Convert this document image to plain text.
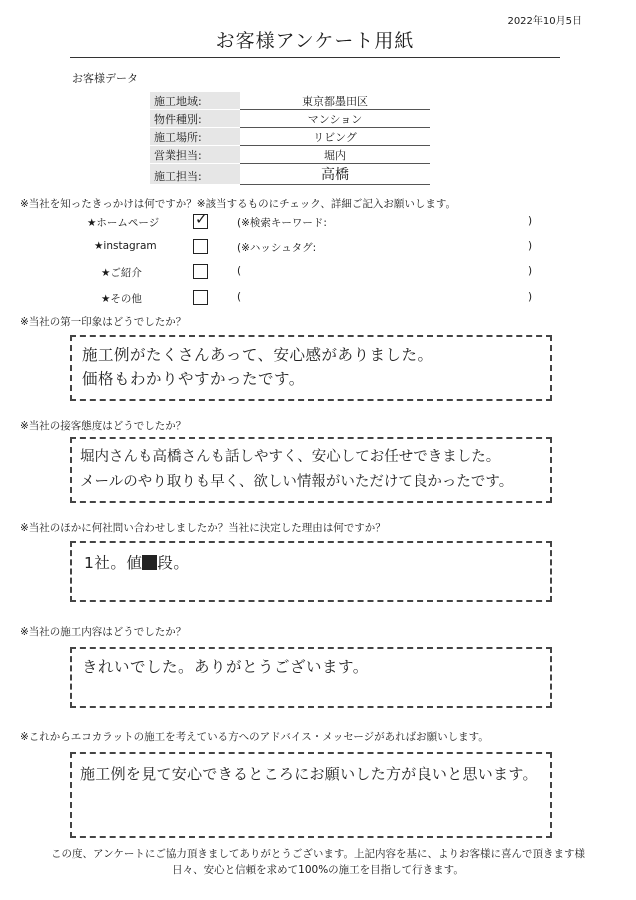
2022年10月5日
お客様アンケート用紙
お客様データ
施工地域:	東京都墨田区
物件種別:	マンション
施工場所:	リビング
営業担当:	堀内
施工担当:	高橋
※当社を知ったきっかけは何ですか？※該当するものにチェック、詳細ご記入お願いします。
★ホームページ ✓	(※検索キーワード:	)
★instagram	(※ハッシュタグ:	)
★ご紹介	(	)
★その他	(	)
※当社の第一印象はどうでしたか？
施工例がたくさんあって、安心感がありました。
価格もわかりやすかったです。
※当社の接客態度はどうでしたか？
堀内さんも高橋さんも話しやすく、安心してお任せできました。
メールのやり取りも早く、欲しい情報がいただけて良かったです。
※当社のほかに何社問い合わせしましたか？当社に決定した理由は何ですか？
1社。値 段。
※当社の施工内容はどうでしたか？
きれいでした。ありがとうございます。
※これからエコカラットの施工を考えている方へのアドバイス・メッセージがあればお願いします。
施工例を見て安心できるところにお願いした方が良いと思います。
この度、アンケートにご協力頂きましてありがとうございます。上記内容を基に、よりお客様に喜んで頂きます様
日々、安心と信頼を求めて100%の施工を目指して行きます。
